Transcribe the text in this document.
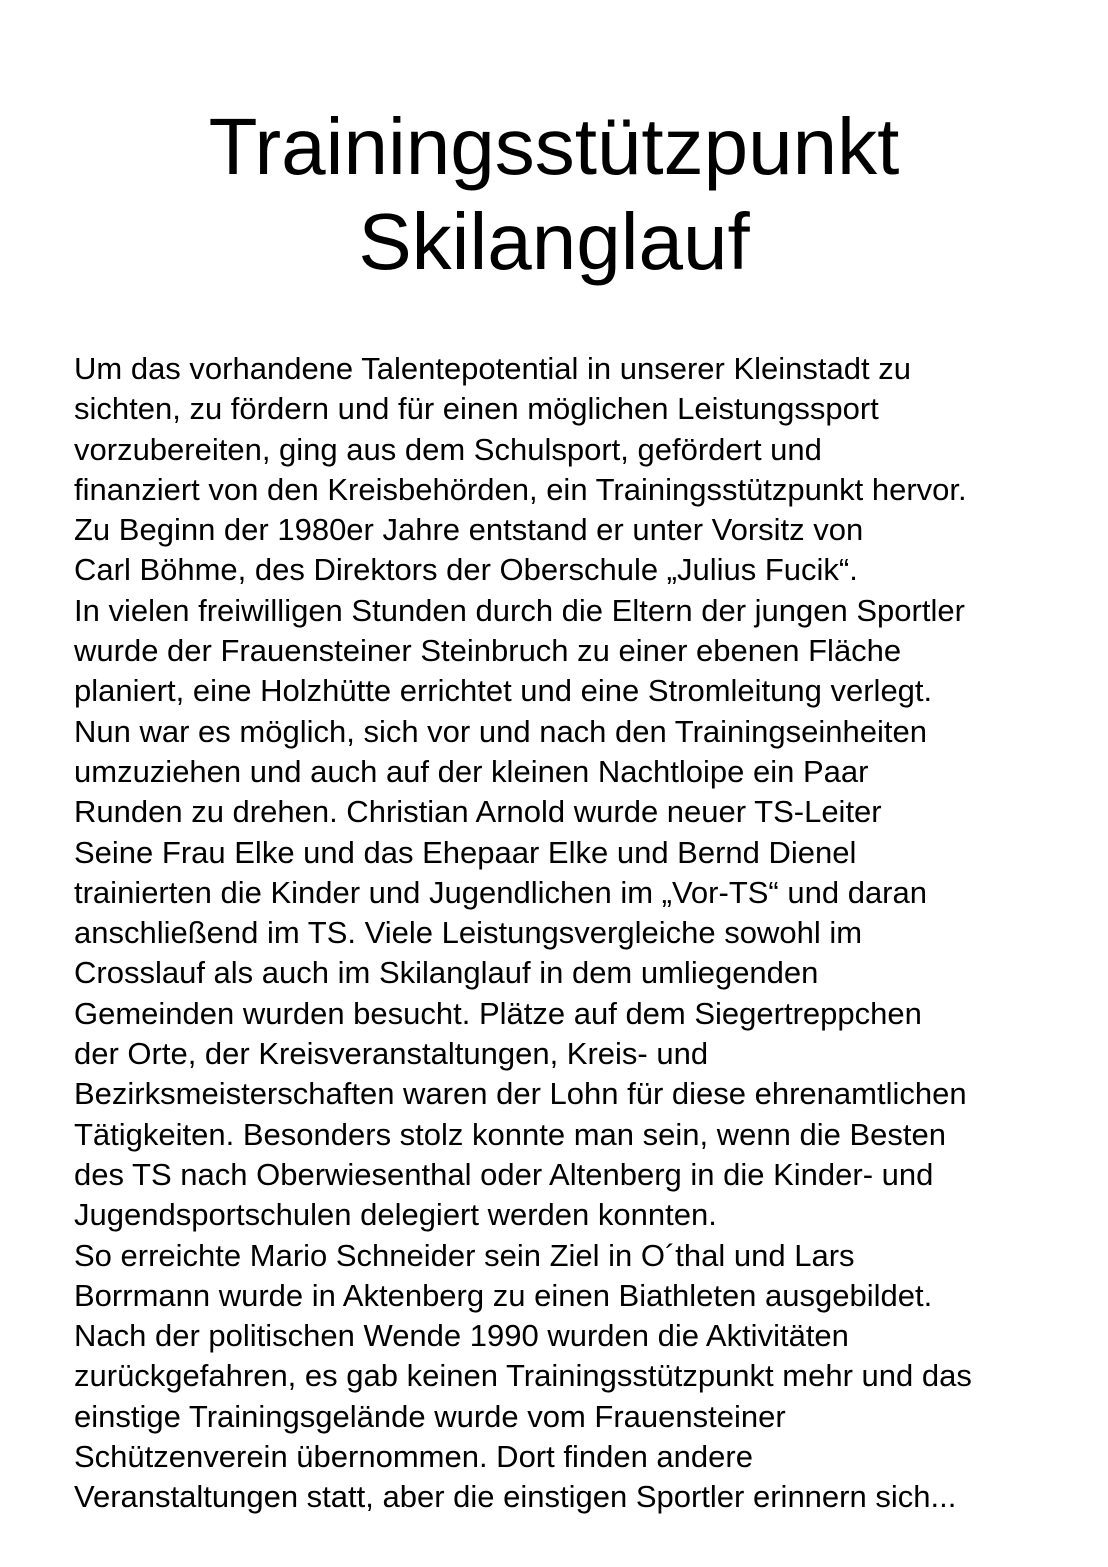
Trainingsstützpunkt
Skilanglauf
Um das vorhandene Talentepotential in unserer Kleinstadt zu
sichten, zu fördern und für einen möglichen Leistungssport
vorzubereiten, ging aus dem Schulsport, gefördert und
finanziert von den Kreisbehörden, ein Trainingsstützpunkt hervor.
Zu Beginn der 1980er Jahre entstand er unter Vorsitz von
Carl Böhme, des Direktors der Oberschule „Julius Fucik“.
In vielen freiwilligen Stunden durch die Eltern der jungen Sportler
wurde der Frauensteiner Steinbruch zu einer ebenen Fläche
planiert, eine Holzhütte errichtet und eine Stromleitung verlegt.
Nun war es möglich, sich vor und nach den Trainingseinheiten
umzuziehen und auch auf der kleinen Nachtloipe ein Paar
Runden zu drehen. Christian Arnold wurde neuer TS-Leiter
Seine Frau Elke und das Ehepaar Elke und Bernd Dienel
trainierten die Kinder und Jugendlichen im „Vor-TS“ und daran
anschließend im TS. Viele Leistungsvergleiche sowohl im
Crosslauf als auch im Skilanglauf in dem umliegenden
Gemeinden wurden besucht. Plätze auf dem Siegertreppchen
der Orte, der Kreisveranstaltungen, Kreis- und
Bezirksmeisterschaften waren der Lohn für diese ehrenamtlichen
Tätigkeiten. Besonders stolz konnte man sein, wenn die Besten
des TS nach Oberwiesenthal oder Altenberg in die Kinder- und
Jugendsportschulen delegiert werden konnten.
So erreichte Mario Schneider sein Ziel in O´thal und Lars
Borrmann wurde in Aktenberg zu einen Biathleten ausgebildet.
Nach der politischen Wende 1990 wurden die Aktivitäten
zurückgefahren, es gab keinen Trainingsstützpunkt mehr und das
einstige Trainingsgelände wurde vom Frauensteiner
Schützenverein übernommen. Dort finden andere
Veranstaltungen statt, aber die einstigen Sportler erinnern sich...
